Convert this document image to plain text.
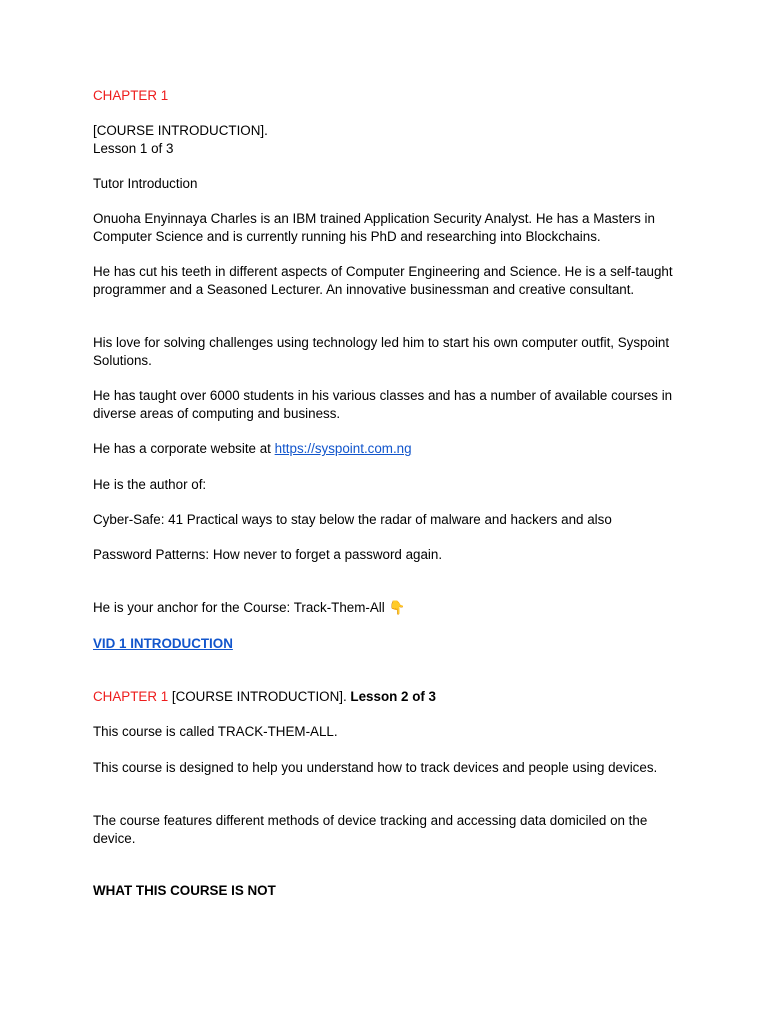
CHAPTER 1

[COURSE INTRODUCTION].
Lesson 1 of 3

Tutor Introduction

Onuoha Enyinnaya Charles is an IBM trained Application Security Analyst. He has a Masters in Computer Science and is currently running his PhD and researching into Blockchains.

He has cut his teeth in different aspects of Computer Engineering and Science. He is a self-taught programmer and a Seasoned Lecturer. An innovative businessman and creative consultant.

His love for solving challenges using technology led him to start his own computer outfit, Syspoint Solutions.

He has taught over 6000 students in his various classes and has a number of available courses in diverse areas of computing and business.

He has a corporate website at https://syspoint.com.ng

He is the author of:

Cyber-Safe: 41 Practical ways to stay below the radar of malware and hackers and also

Password Patterns: How never to forget a password again.

He is your anchor for the Course: Track-Them-All 👇

VID 1 INTRODUCTION

CHAPTER 1 [COURSE INTRODUCTION]. Lesson 2 of 3

This course is called TRACK-THEM-ALL.

This course is designed to help you understand how to track devices and people using devices.

The course features different methods of device tracking and accessing data domiciled on the device.

WHAT THIS COURSE IS NOT
